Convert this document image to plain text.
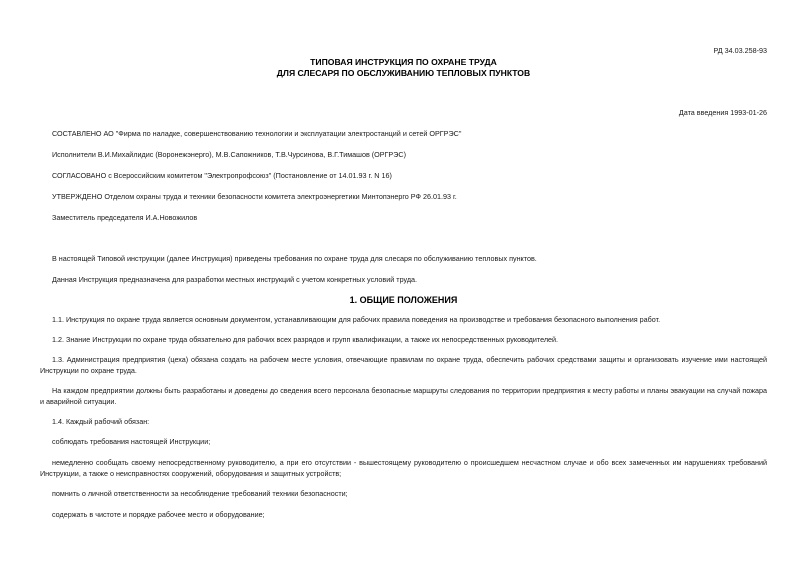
РД 34.03.258-93
ТИПОВАЯ ИНСТРУКЦИЯ ПО ОХРАНЕ ТРУДА
ДЛЯ СЛЕСАРЯ ПО ОБСЛУЖИВАНИЮ ТЕПЛОВЫХ ПУНКТОВ
Дата введения 1993-01-26
СОСТАВЛЕНО АО "Фирма по наладке, совершенствованию технологии и эксплуатации электростанций и сетей ОРГРЭС"
Исполнители В.И.Михайлидис (Воронежэнерго), М.В.Сапожников, Т.В.Чурсинова, В.Г.Тимашов (ОРГРЭС)
СОГЛАСОВАНО с Всероссийским комитетом "Электропрофсоюз" (Постановление от 14.01.93 г. N 16)
УТВЕРЖДЕНО Отделом охраны труда и техники безопасности комитета электроэнергетики Минтопэнерго РФ 26.01.93 г.
Заместитель председателя И.А.Новожилов
В настоящей Типовой инструкции (далее Инструкция) приведены требования по охране труда для слесаря по обслуживанию тепловых пунктов.
Данная Инструкция предназначена для разработки местных инструкций с учетом конкретных условий труда.
1. ОБЩИЕ ПОЛОЖЕНИЯ
1.1. Инструкция по охране труда является основным документом, устанавливающим для рабочих правила поведения на производстве и требования безопасного выполнения работ.
1.2. Знание Инструкции по охране труда обязательно для рабочих всех разрядов и групп квалификации, а также их непосредственных руководителей.
1.3. Администрация предприятия (цеха) обязана создать на рабочем месте условия, отвечающие правилам по охране труда, обеспечить рабочих средствами защиты и организовать изучение ими настоящей Инструкции по охране труда.
На каждом предприятии должны быть разработаны и доведены до сведения всего персонала безопасные маршруты следования по территории предприятия к месту работы и планы эвакуации на случай пожара и аварийной ситуации.
1.4. Каждый рабочий обязан:
соблюдать требования настоящей Инструкции;
немедленно сообщать своему непосредственному руководителю, а при его отсутствии - вышестоящему руководителю о происшедшем несчастном случае и обо всех замеченных им нарушениях требований Инструкции, а также о неисправностях сооружений, оборудования и защитных устройств;
помнить о личной ответственности за несоблюдение требований техники безопасности;
содержать в чистоте и порядке рабочее место и оборудование;
